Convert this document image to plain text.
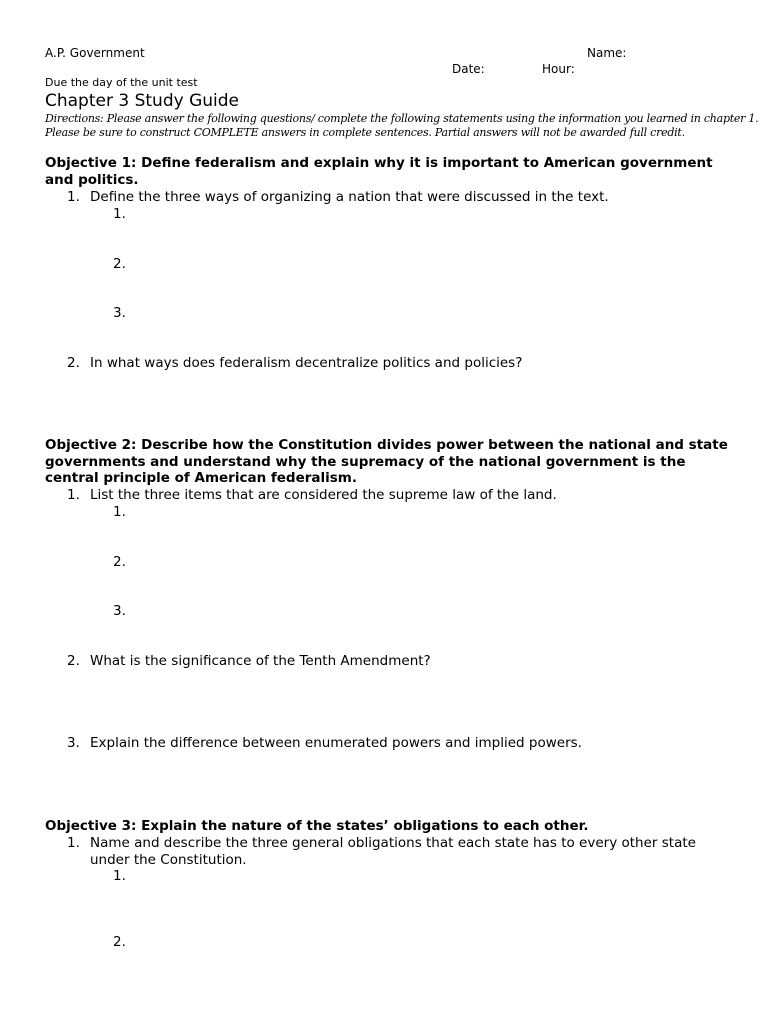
A.P. Government	Name:
Date:	Hour:
Due the day of the unit test
Chapter 3 Study Guide
Directions: Please answer the following questions/ complete the following statements using the information you learned in chapter 1.
Please be sure to construct COMPLETE answers in complete sentences. Partial answers will not be awarded full credit.
Objective 1: Define federalism and explain why it is important to American government and politics.
1. Define the three ways of organizing a nation that were discussed in the text.
1.
2.
3.
2. In what ways does federalism decentralize politics and policies?
Objective 2: Describe how the Constitution divides power between the national and state governments and understand why the supremacy of the national government is the central principle of American federalism.
1. List the three items that are considered the supreme law of the land.
1.
2.
3.
2. What is the significance of the Tenth Amendment?
3. Explain the difference between enumerated powers and implied powers.
Objective 3: Explain the nature of the states’ obligations to each other.
1. Name and describe the three general obligations that each state has to every other state under the Constitution.
1.
2.
